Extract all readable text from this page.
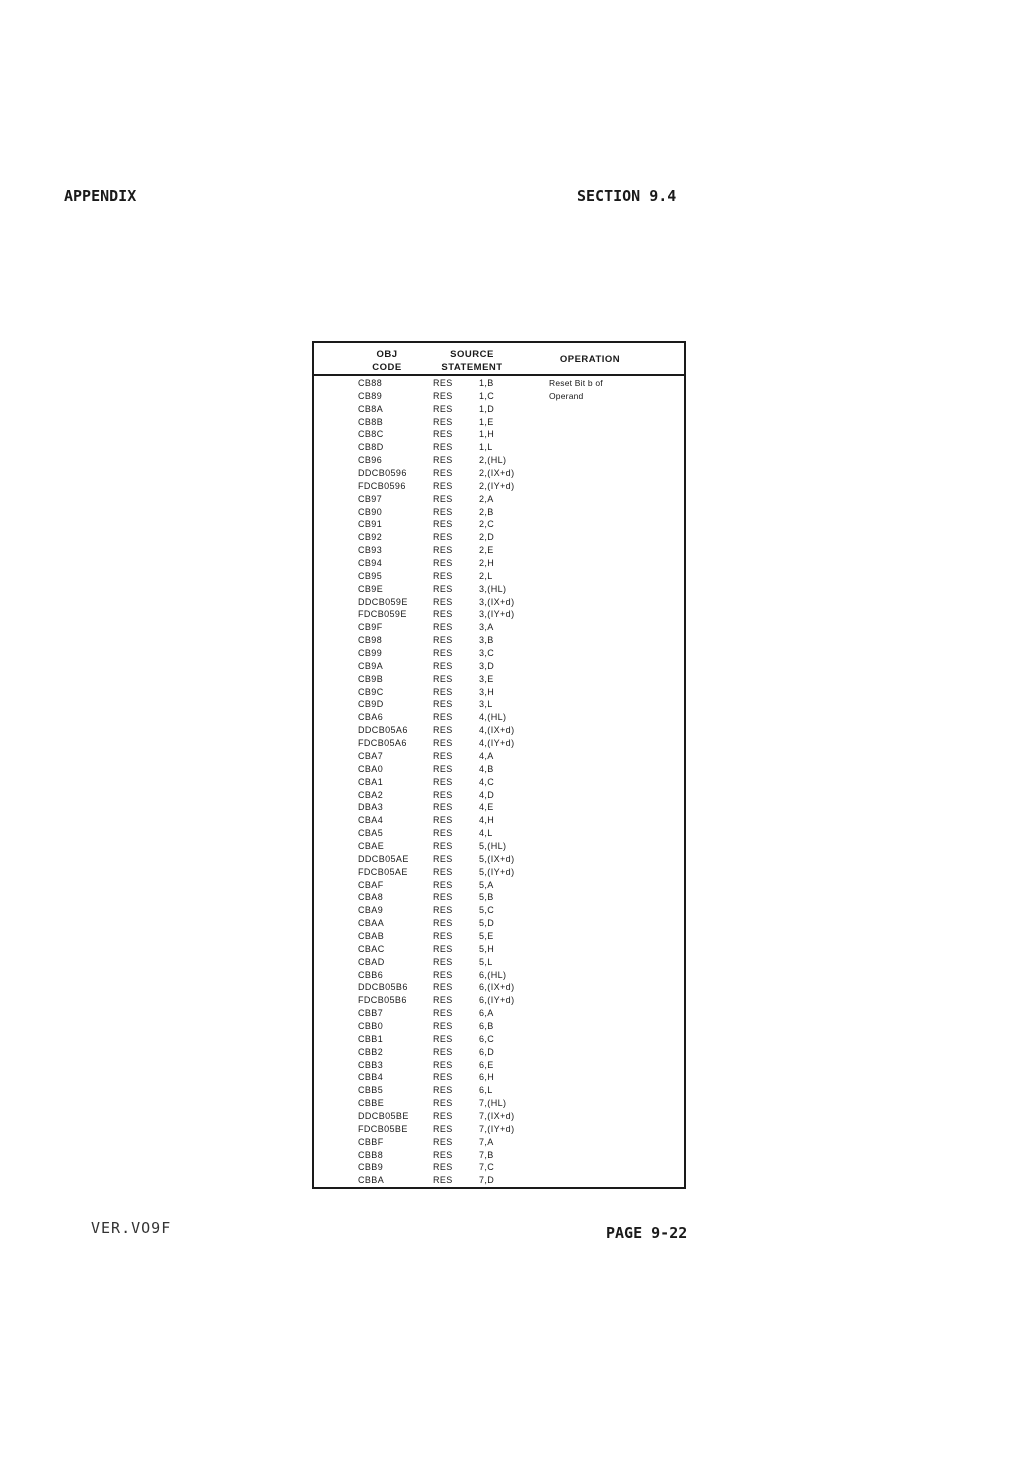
APPENDIX	SECTION 9.4
OBJ
CODE
SOURCE
STATEMENT
OPERATION
CB88	RES	1,B	Reset Bit b of
CB89	RES	1,C	Operand
CB8A	RES	1,D
CB8B	RES	1,E
CB8C	RES	1,H
CB8D	RES	1,L
CB96	RES	2,(HL)
DDCB0596	RES	2,(IX+d)
FDCB0596	RES	2,(IY+d)
CB97	RES	2,A
CB90	RES	2,B
CB91	RES	2,C
CB92	RES	2,D
CB93	RES	2,E
CB94	RES	2,H
CB95	RES	2,L
CB9E	RES	3,(HL)
DDCB059E	RES	3,(IX+d)
FDCB059E	RES	3,(IY+d)
CB9F	RES	3,A
CB98	RES	3,B
CB99	RES	3,C
CB9A	RES	3,D
CB9B	RES	3,E
CB9C	RES	3,H
CB9D	RES	3,L
CBA6	RES	4,(HL)
DDCB05A6	RES	4,(IX+d)
FDCB05A6	RES	4,(IY+d)
CBA7	RES	4,A
CBA0	RES	4,B
CBA1	RES	4,C
CBA2	RES	4,D
DBA3	RES	4,E
CBA4	RES	4,H
CBA5	RES	4,L
CBAE	RES	5,(HL)
DDCB05AE	RES	5,(IX+d)
FDCB05AE	RES	5,(IY+d)
CBAF	RES	5,A
CBA8	RES	5,B
CBA9	RES	5,C
CBAA	RES	5,D
CBAB	RES	5,E
CBAC	RES	5,H
CBAD	RES	5,L
CBB6	RES	6,(HL)
DDCB05B6	RES	6,(IX+d)
FDCB05B6	RES	6,(IY+d)
CBB7	RES	6,A
CBB0	RES	6,B
CBB1	RES	6,C
CBB2	RES	6,D
CBB3	RES	6,E
CBB4	RES	6,H
CBB5	RES	6,L
CBBE	RES	7,(HL)
DDCB05BE	RES	7,(IX+d)
FDCB05BE	RES	7,(IY+d)
CBBF	RES	7,A
CBB8	RES	7,B
CBB9	RES	7,C
CBBA	RES	7,D
VER.VO9F	PAGE 9-22
